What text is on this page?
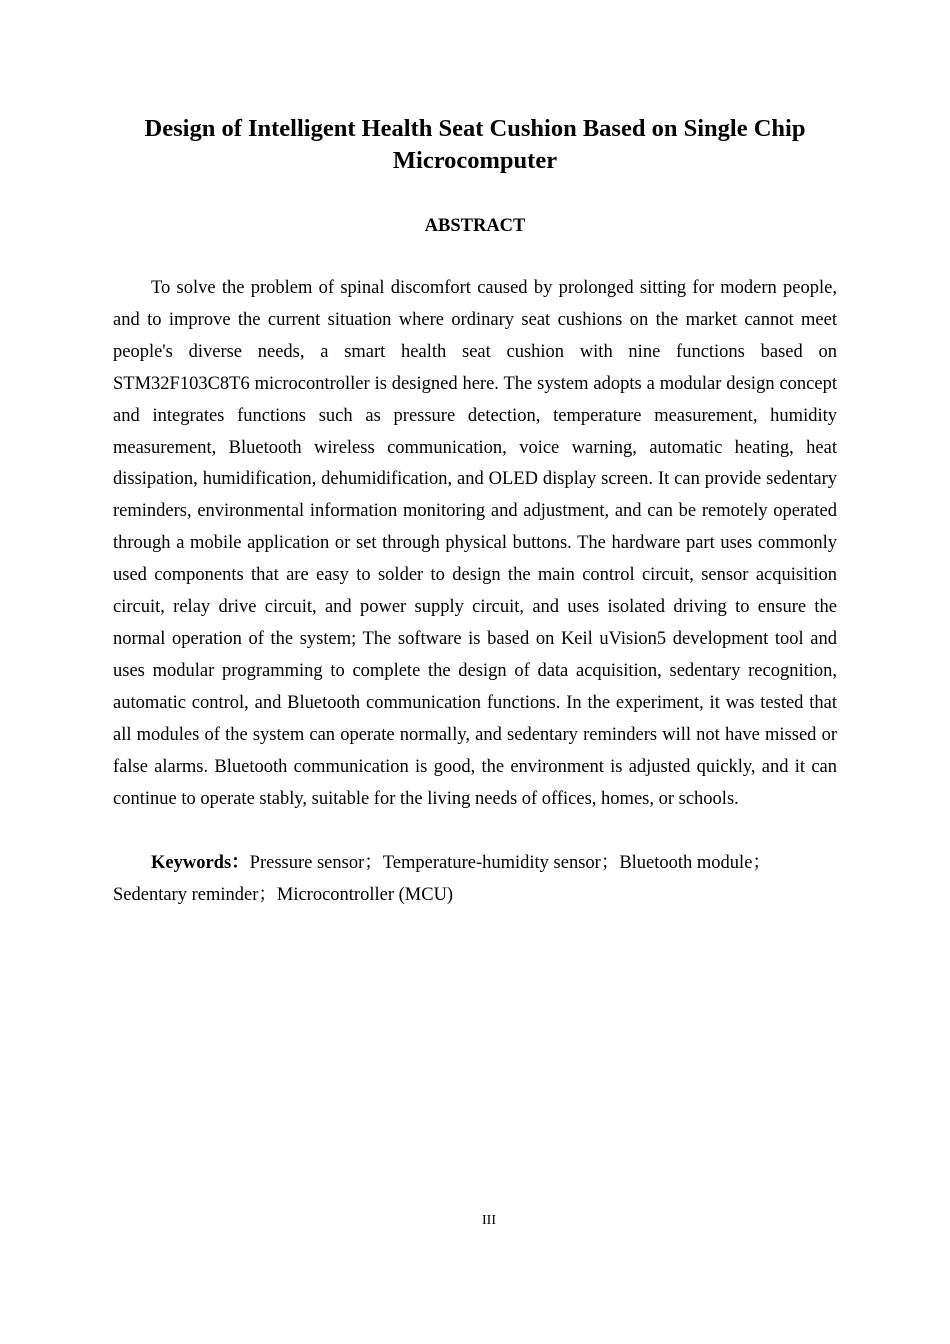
Design of Intelligent Health Seat Cushion Based on Single Chip Microcomputer
ABSTRACT

To solve the problem of spinal discomfort caused by prolonged sitting for modern people, and to improve the current situation where ordinary seat cushions on the market cannot meet people's diverse needs, a smart health seat cushion with nine functions based on STM32F103C8T6 microcontroller is designed here. The system adopts a modular design concept and integrates functions such as pressure detection, temperature measurement, humidity measurement, Bluetooth wireless communication, voice warning, automatic heating, heat dissipation, humidification, dehumidification, and OLED display screen. It can provide sedentary reminders, environmental information monitoring and adjustment, and can be remotely operated through a mobile application or set through physical buttons. The hardware part uses commonly used components that are easy to solder to design the main control circuit, sensor acquisition circuit, relay drive circuit, and power supply circuit, and uses isolated driving to ensure the normal operation of the system; The software is based on Keil uVision5 development tool and uses modular programming to complete the design of data acquisition, sedentary recognition, automatic control, and Bluetooth communication functions. In the experiment, it was tested that all modules of the system can operate normally, and sedentary reminders will not have missed or false alarms. Bluetooth communication is good, the environment is adjusted quickly, and it can continue to operate stably, suitable for the living needs of offices, homes, or schools.

Keywords：Pressure sensor；Temperature-humidity sensor；Bluetooth module；Sedentary reminder；Microcontroller (MCU)

III
